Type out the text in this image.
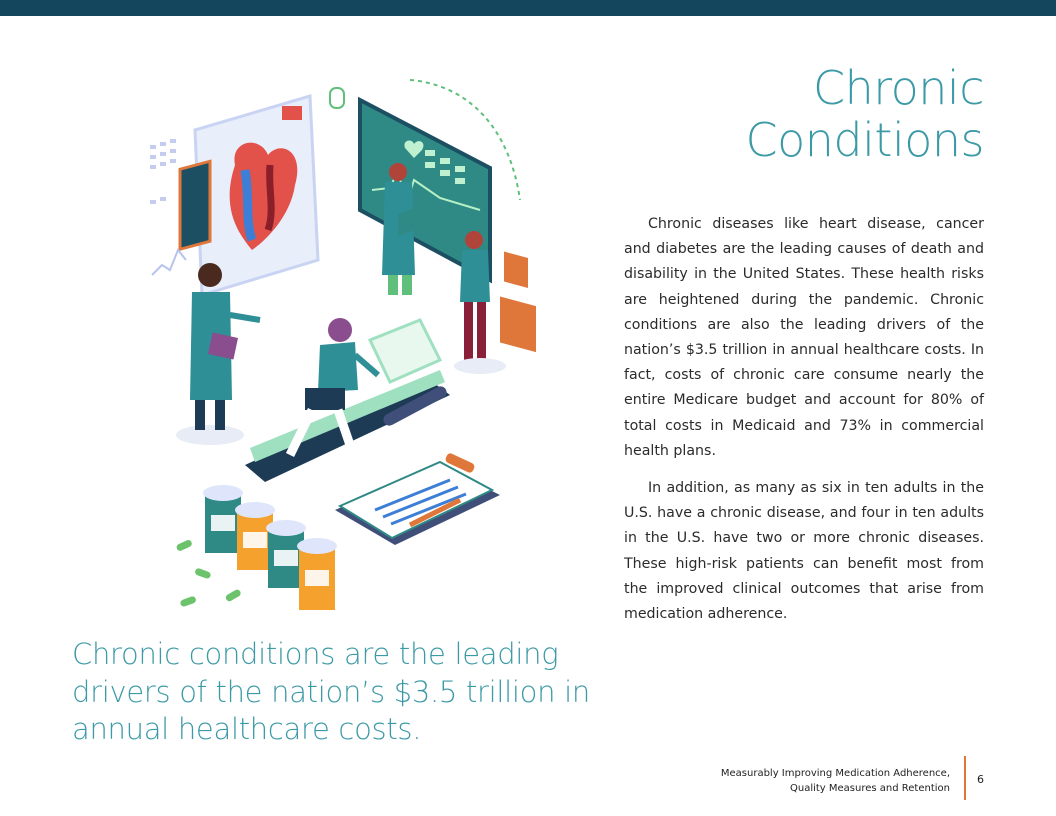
Chronic
Conditions

Chronic diseases like heart disease, cancer and diabetes are the leading causes of death and disability in the United States. These health risks are heightened during the pandemic. Chronic conditions are also the leading drivers of the nation’s $3.5 trillion in annual healthcare costs. In fact, costs of chronic care consume nearly the entire Medicare budget and account for 80% of total costs in Medicaid and 73% in commercial health plans.

In addition, as many as six in ten adults in the U.S. have a chronic disease, and four in ten adults in the U.S. have two or more chronic diseases. These high-risk patients can benefit most from the improved clinical outcomes that arise from medication adherence.

Chronic conditions are the leading drivers of the nation’s $3.5 trillion in annual healthcare costs.
Measurably Improving Medication Adherence,
Quality Measures and Retention
6
